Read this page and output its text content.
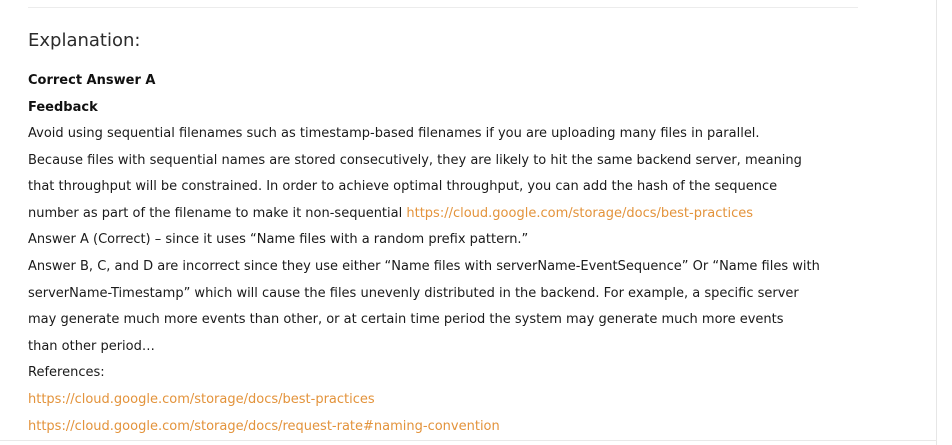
Explanation:

Correct Answer A

Feedback

Avoid using sequential filenames such as timestamp-based filenames if you are uploading many files in parallel.

Because files with sequential names are stored consecutively, they are likely to hit the same backend server, meaning

that throughput will be constrained. In order to achieve optimal throughput, you can add the hash of the sequence

number as part of the filename to make it non-sequential https://cloud.google.com/storage/docs/best-practices

Answer A (Correct) – since it uses “Name files with a random prefix pattern.”

Answer B, C, and D are incorrect since they use either “Name files with serverName-EventSequence” Or “Name files with

serverName-Timestamp” which will cause the files unevenly distributed in the backend. For example, a specific server

may generate much more events than other, or at certain time period the system may generate much more events

than other period…

References:

https://cloud.google.com/storage/docs/best-practices

https://cloud.google.com/storage/docs/request-rate#naming-convention
